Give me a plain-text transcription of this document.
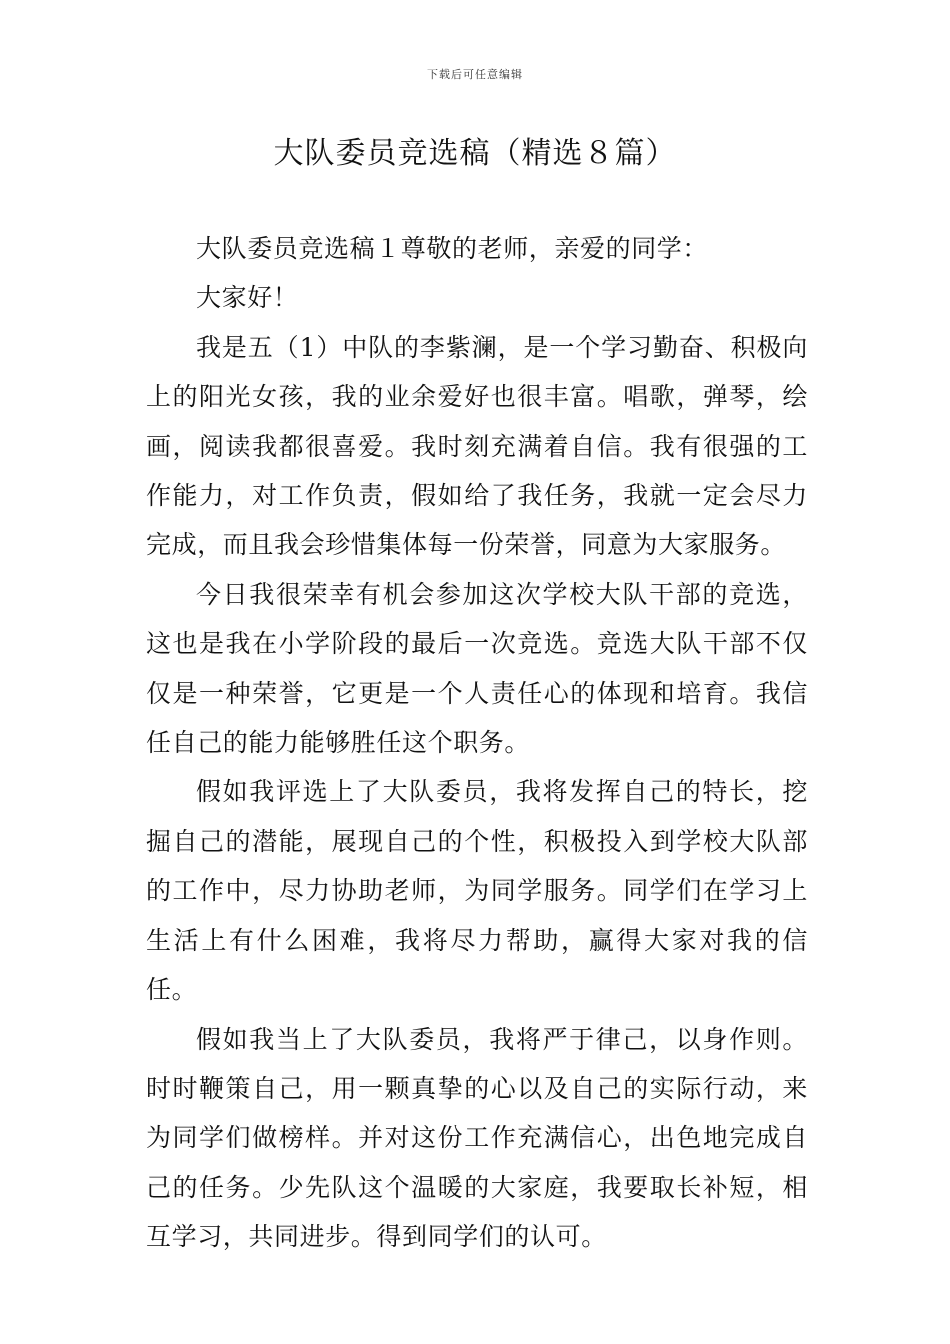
下载后可任意编辑
大队委员竞选稿（精选８篇）

大队委员竞选稿１尊敬的老师，亲爱的同学：

大家好！

我是五（1）中队的李紫澜，是一个学习勤奋、积极向上的阳光女孩，我的业余爱好也很丰富。唱歌，弹琴，绘画，阅读我都很喜爱。我时刻充满着自信。我有很强的工作能力，对工作负责，假如给了我任务，我就一定会尽力完成，而且我会珍惜集体每一份荣誉，同意为大家服务。

今日我很荣幸有机会参加这次学校大队干部的竞选，这也是我在小学阶段的最后一次竞选。竞选大队干部不仅仅是一种荣誉，它更是一个人责任心的体现和培育。我信任自己的能力能够胜任这个职务。

假如我评选上了大队委员，我将发挥自己的特长，挖掘自己的潜能，展现自己的个性，积极投入到学校大队部的工作中，尽力协助老师，为同学服务。同学们在学习上生活上有什么困难，我将尽力帮助，赢得大家对我的信任。

假如我当上了大队委员，我将严于律己，以身作则。时时鞭策自己，用一颗真挚的心以及自己的实际行动，来为同学们做榜样。并对这份工作充满信心，出色地完成自己的任务。少先队这个温暖的大家庭，我要取长补短，相互学习，共同进步。得到同学们的认可。
